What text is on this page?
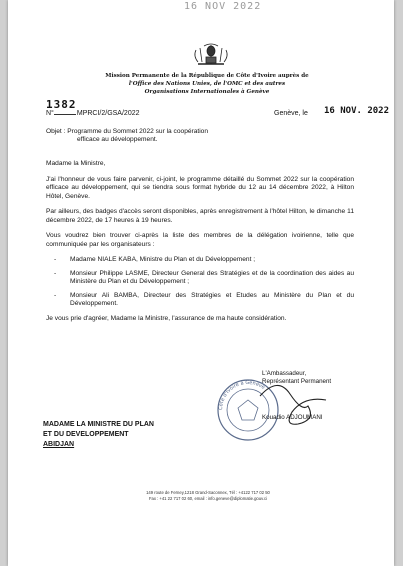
16 NOV 2022
Mission Permanente de la République de Côte d'Ivoire auprès de
l'Office des Nations Unies, de l'OMC et des autres
Organisations Internationales à Genève
1382
N°	MPRCI/2/GSA/2022	Genève, le 16 NOV. 2022
Objet : Programme du Sommet 2022 sur la coopération
efficace au développement.

Madame la Ministre,

J'ai l'honneur de vous faire parvenir, ci-joint, le programme détaillé du Sommet 2022 sur la coopération efficace au développement, qui se tiendra sous format hybride du 12 au 14 décembre 2022, à Hilton Hôtel, Genève.

Par ailleurs, des badges d'accès seront disponibles, après enregistrement à l'hôtel Hilton, le dimanche 11 décembre 2022, de 17 heures à 19 heures.

Vous voudrez bien trouver ci-après la liste des membres de la délégation ivoirienne, telle que communiquée par les organisateurs :

- Madame NIALE KABA, Ministre du Plan et du Développement ;
- Monsieur Philippe LASME, Directeur General des Stratégies et de la coordination des aides au Ministère du Plan et du Développement ;
- Monsieur Ali BAMBA, Directeur des Stratégies et Etudes au Ministère du Plan et du Développement.

Je vous prie d'agréer, Madame la Ministre, l'assurance de ma haute considération.

Côte d'Ivoire à Genève
L'Ambassadeur,
Représentant Permanent
Kouadio ADJOUMANI
MADAME LA MINISTRE DU PLAN
ET DU DEVELOPPEMENT
ABIDJAN
149 route de Ferney,1218 Grand-Saconnex, Tél : +4122 717 02 50
Fax : +41 22 717 02 60, email : info.geneve@diplomatie.gouv.ci
